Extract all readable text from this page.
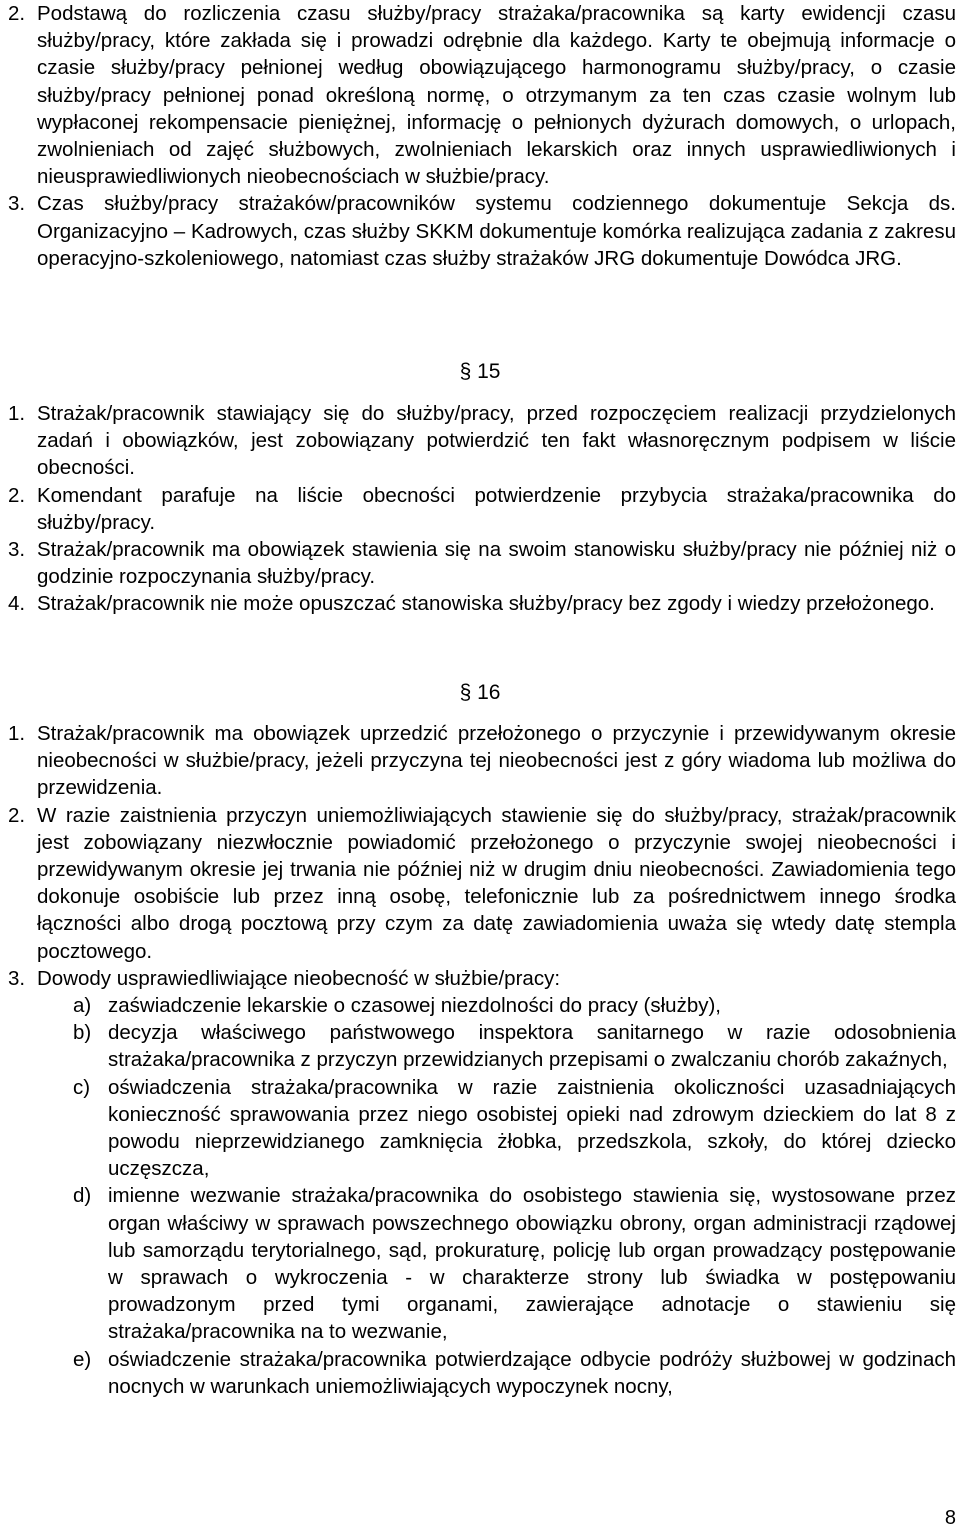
2. Podstawą do rozliczenia czasu służby/pracy strażaka/pracownika są karty ewidencji czasu służby/pracy, które zakłada się i prowadzi odrębnie dla każdego. Karty te obejmują informacje o czasie służby/pracy pełnionej według obowiązującego harmonogramu służby/pracy, o czasie służby/pracy pełnionej ponad określoną normę, o otrzymanym za ten czas czasie wolnym lub wypłaconej rekompensacie pieniężnej, informację o pełnionych dyżurach domowych, o urlopach, zwolnieniach od zajęć służbowych, zwolnieniach lekarskich oraz innych usprawiedliwionych i nieusprawiedliwionych nieobecnościach w służbie/pracy.

3. Czas służby/pracy strażaków/pracowników systemu codziennego dokumentuje Sekcja ds. Organizacyjno – Kadrowych, czas służby SKKM dokumentuje komórka realizująca zadania z zakresu operacyjno-szkoleniowego, natomiast czas służby strażaków JRG dokumentuje Dowódca JRG.

§ 15

1. Strażak/pracownik stawiający się do służby/pracy, przed rozpoczęciem realizacji przydzielonych zadań i obowiązków, jest zobowiązany potwierdzić ten fakt własnoręcznym podpisem w liście obecności.

2. Komendant parafuje na liście obecności potwierdzenie przybycia strażaka/pracownika do służby/pracy.

3. Strażak/pracownik ma obowiązek stawienia się na swoim stanowisku służby/pracy nie później niż o godzinie rozpoczynania służby/pracy.

4. Strażak/pracownik nie może opuszczać stanowiska służby/pracy bez zgody i wiedzy przełożonego.

§ 16

1. Strażak/pracownik ma obowiązek uprzedzić przełożonego o przyczynie i przewidywanym okresie nieobecności w służbie/pracy, jeżeli przyczyna tej nieobecności jest z góry wiadoma lub możliwa do przewidzenia.

2. W razie zaistnienia przyczyn uniemożliwiających stawienie się do służby/pracy, strażak/pracownik jest zobowiązany niezwłocznie powiadomić przełożonego o przyczynie swojej nieobecności i przewidywanym okresie jej trwania nie później niż w drugim dniu nieobecności. Zawiadomienia tego dokonuje osobiście lub przez inną osobę, telefonicznie lub za pośrednictwem innego środka łączności albo drogą pocztową przy czym za datę zawiadomienia uważa się wtedy datę stempla pocztowego.

3. Dowody usprawiedliwiające nieobecność w służbie/pracy:

a) zaświadczenie lekarskie o czasowej niezdolności do pracy (służby),

b) decyzja właściwego państwowego inspektora sanitarnego w razie odosobnienia strażaka/pracownika z przyczyn przewidzianych przepisami o zwalczaniu chorób zakaźnych,

c) oświadczenia strażaka/pracownika w razie zaistnienia okoliczności uzasadniających konieczność sprawowania przez niego osobistej opieki nad zdrowym dzieckiem do lat 8 z powodu nieprzewidzianego zamknięcia żłobka, przedszkola, szkoły, do której dziecko uczęszcza,

d) imienne wezwanie strażaka/pracownika do osobistego stawienia się, wystosowane przez organ właściwy w sprawach powszechnego obowiązku obrony, organ administracji rządowej lub samorządu terytorialnego, sąd, prokuraturę, policję lub organ prowadzący postępowanie w sprawach o wykroczenia - w charakterze strony lub świadka w postępowaniu prowadzonym przed tymi organami, zawierające adnotacje o stawieniu się strażaka/pracownika na to wezwanie,

e) oświadczenie strażaka/pracownika potwierdzające odbycie podróży służbowej w godzinach nocnych w warunkach uniemożliwiających wypoczynek nocny,

8
